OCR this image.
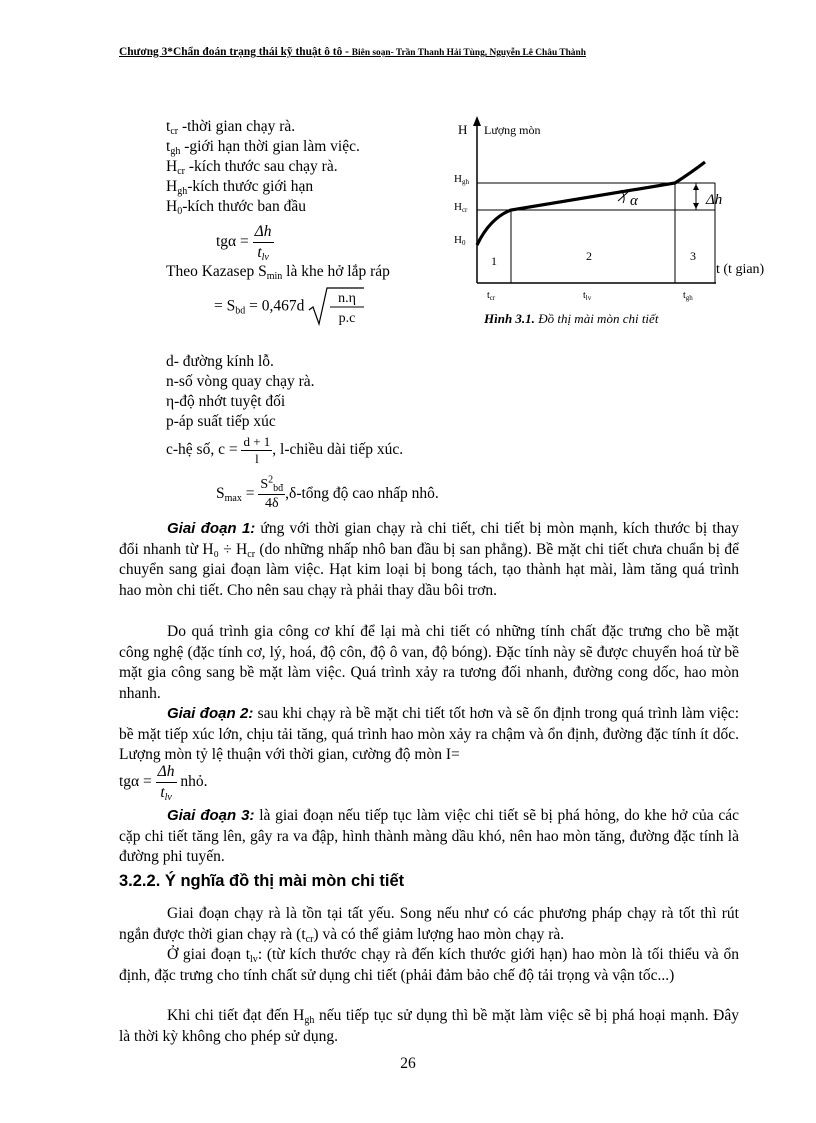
Chương 3*Chẩn đoán trạng thái kỹ thuật ô tô - Biên soạn- Trần Thanh Hải Tùng, Nguyễn Lê Châu Thành
$t_{cr}$ -thời gian chạy rà.
$t_{gh}$ -giới hạn thời gian làm việc.
$H_{cr}$ -kích thước sau chạy rà.
$H_{gh}$-kích thước giới hạn
$H_0$-kích thước ban đầu
$tg\alpha = \frac{\Delta h}{t_{lv}}$
Theo Kazasep $S_{min}$ là khe hở lắp ráp
= $S_{bd} = 0,467d$ n.η
p.c
α	Δh
H Lượng mòn
t (t gian)
Hgh
Hcr
H0
1	2	3
$t_{cr}$	$t_{lv}$	$t_{gh}$
Hình 3.1. Đồ thị mài mòn chi tiết
d- đường kính lỗ.
n-số vòng quay chạy rà.
η-độ nhớt tuyệt đối
p-áp suất tiếp xúc
c-hệ số, $c = \frac{d + 1}{l}$ , l-chiều dài tiếp xúc.
$S_{max} = \frac{S^2_{bđ}}{4\delta}$ ,δ-tổng độ cao nhấp nhô.
Giai đoạn 1: ứng với thời gian chạy rà chi tiết, chi tiết bị mòn mạnh, kích thước bị thay đổi nhanh từ $H_0 \div H_{cr}$ (do những nhấp nhô ban đầu bị san phẳng). Bề mặt chi tiết chưa chuẩn bị để chuyển sang giai đoạn làm việc. Hạt kim loại bị bong tách, tạo thành hạt mài, làm tăng quá trình hao mòn chi tiết. Cho nên sau chạy rà phải thay dầu bôi trơn.
Do quá trình gia công cơ khí để lại mà chi tiết có những tính chất đặc trưng cho bề mặt công nghệ (đặc tính cơ, lý, hoá, độ côn, độ ô van, độ bóng). Đặc tính này sẽ được chuyển hoá từ bề mặt gia công sang bề mặt làm việc. Quá trình xảy ra tương đối nhanh, đường cong dốc, hao mòn nhanh.
Giai đoạn 2: sau khi chạy rà bề mặt chi tiết tốt hơn và sẽ ổn định trong quá trình làm việc: bề mặt tiếp xúc lớn, chịu tải tăng, quá trình hao mòn xảy ra chậm và ổn định, đường đặc tính ít dốc. Lượng mòn tỷ lệ thuận với thời gian, cường độ mòn I=
$tg\alpha = \frac{\Delta h}{t_{lv}}$ nhỏ.
Giai đoạn 3: là giai đoạn nếu tiếp tục làm việc chi tiết sẽ bị phá hỏng, do khe hở của các cặp chi tiết tăng lên, gây ra va đập, hình thành màng dầu khó, nên hao mòn tăng, đường đặc tính là đường phi tuyến.
3.2.2. Ý nghĩa đồ thị mài mòn chi tiết
Giai đoạn chạy rà là tồn tại tất yếu. Song nếu như có các phương pháp chạy rà tốt thì rút ngắn được thời gian chạy rà $(t_{cr})$ và có thể giảm lượng hao mòn chạy rà.
Ở giai đoạn $t_{lv}$: (từ kích thước chạy rà đến kích thước giới hạn) hao mòn là tối thiểu và ổn định, đặc trưng cho tính chất sử dụng chi tiết (phải đảm bảo chế độ tải trọng và vận tốc...)
Khi chi tiết đạt đến $H_{gh}$ nếu tiếp tục sử dụng thì bề mặt làm việc sẽ bị phá hoại mạnh. Đây là thời kỳ không cho phép sử dụng.
26
